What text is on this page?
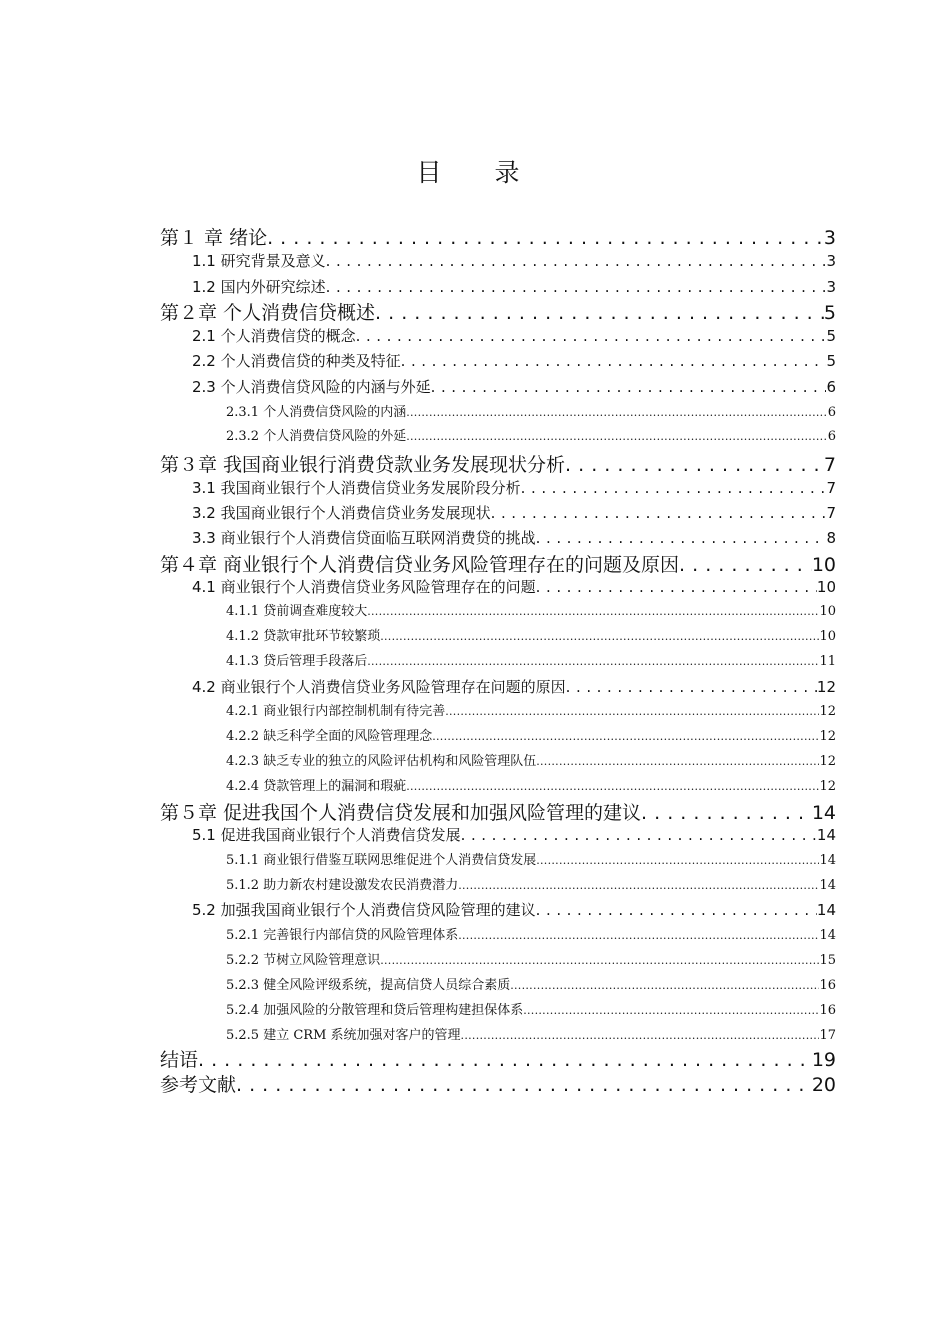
目　录
第１ 章 绪论 . . .	3
1.1 研究背景及意义 . . .	3
1.2 国内外研究综述 . . .	3
第２章 个人消费信贷概述 . . .	5
2.1 个人消费信贷的概念 . . .	5
2.2 个人消费信贷的种类及特征 . . .	5
2.3 个人消费信贷风险的内涵与外延 . . .	6
2.3.1 个人消费信贷风险的内涵 . . .	6
2.3.2 个人消费信贷风险的外延 . . .	6
第３章 我国商业银行消费贷款业务发展现状分析 . . .	7
3.1 我国商业银行个人消费信贷业务发展阶段分析 . . .	7
3.2 我国商业银行个人消费信贷业务发展现状 . . .	7
3.3 商业银行个人消费信贷面临互联网消费贷的挑战 . . .	8
第４章 商业银行个人消费信贷业务风险管理存在的问题及原因 . . .	10
4.1 商业银行个人消费信贷业务风险管理存在的问题 . . .	10
4.1.1 贷前调查难度较大 . . .	10
4.1.2 贷款审批环节较繁琐 . . .	10
4.1.3 贷后管理手段落后 . . .	11
4.2 商业银行个人消费信贷业务风险管理存在问题的原因 . . .	12
4.2.1 商业银行内部控制机制有待完善 . . .	12
4.2.2 缺乏科学全面的风险管理理念 . . .	12
4.2.3 缺乏专业的独立的风险评估机构和风险管理队伍 . . .	12
4.2.4 贷款管理上的漏洞和瑕疵 . . .	12
第５章 促进我国个人消费信贷发展和加强风险管理的建议 . . .	14
5.1 促进我国商业银行个人消费信贷发展 . . .	14
5.1.1 商业银行借鉴互联网思维促进个人消费信贷发展 . . .	14
5.1.2 助力新农村建设激发农民消费潜力 . . .	14
5.2 加强我国商业银行个人消费信贷风险管理的建议 . . .	14
5.2.1 完善银行内部信贷的风险管理体系 . . .	14
5.2.2 节树立风险管理意识 . . .	15
5.2.3 健全风险评级系统，提高信贷人员综合素质 . . .	16
5.2.4 加强风险的分散管理和贷后管理构建担保体系 . . .	16
5.2.5 建立 CRM 系统加强对客户的管理 . . .	17
结语 . . .	19
参考文献 . . .	20
